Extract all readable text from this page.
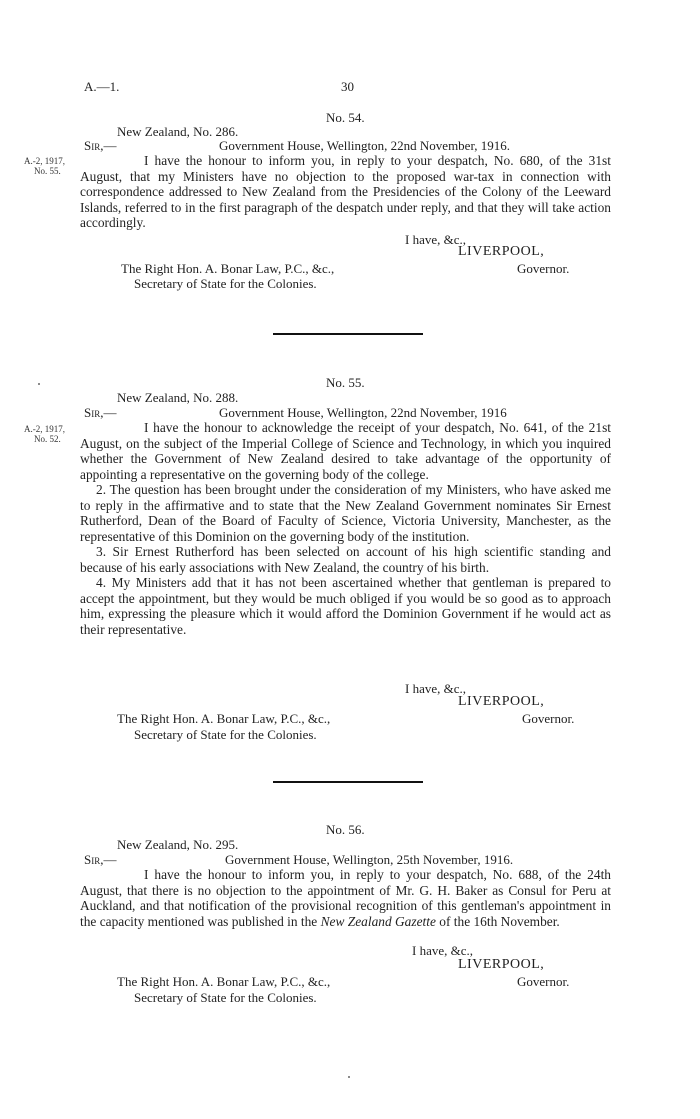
A.—1.	30
No. 54.
New Zealand, No. 286.
Sir,—	Government House, Wellington, 22nd November, 1916.
A.-2, 1917,
No. 55.

I have the honour to inform you, in reply to your despatch, No. 680, of the 31st August, that my Ministers have no objection to the proposed war-tax in connection with correspondence addressed to New Zealand from the Presidencies of the Colony of the Leeward Islands, referred to in the first paragraph of the despatch under reply, and that they will take action accordingly.

I have, &c.,
LIVERPOOL,
The Right Hon. A. Bonar Law, P.C., &c.,	Governor.
Secretary of State for the Colonies.
No. 55.
New Zealand, No. 288.
Sir,—	Government House, Wellington, 22nd November, 1916
A.-2, 1917,
No. 52.

I have the honour to acknowledge the receipt of your despatch, No. 641, of the 21st August, on the subject of the Imperial College of Science and Technology, in which you inquired whether the Government of New Zealand desired to take advantage of the opportunity of appointing a representative on the governing body of the college.

2. The question has been brought under the consideration of my Ministers, who have asked me to reply in the affirmative and to state that the New Zealand Government nominates Sir Ernest Rutherford, Dean of the Board of Faculty of Science, Victoria University, Manchester, as the representative of this Dominion on the governing body of the institution.

3. Sir Ernest Rutherford has been selected on account of his high scientific standing and because of his early associations with New Zealand, the country of his birth.

4. My Ministers add that it has not been ascertained whether that gentleman is prepared to accept the appointment, but they would be much obliged if you would be so good as to approach him, expressing the pleasure which it would afford the Dominion Government if he would act as their representative.

I have, &c.,
LIVERPOOL,
The Right Hon. A. Bonar Law, P.C., &c.,	Governor.
Secretary of State for the Colonies.
No. 56.
New Zealand, No. 295.
Sir,—	Government House, Wellington, 25th November, 1916.

I have the honour to inform you, in reply to your despatch, No. 688, of the 24th August, that there is no objection to the appointment of Mr. G. H. Baker as Consul for Peru at Auckland, and that notification of the provisional recognition of this gentleman's appointment in the capacity mentioned was published in the New Zealand Gazette of the 16th November.

I have, &c.,
LIVERPOOL,
The Right Hon. A. Bonar Law, P.C., &c.,	Governor.
Secretary of State for the Colonies.
